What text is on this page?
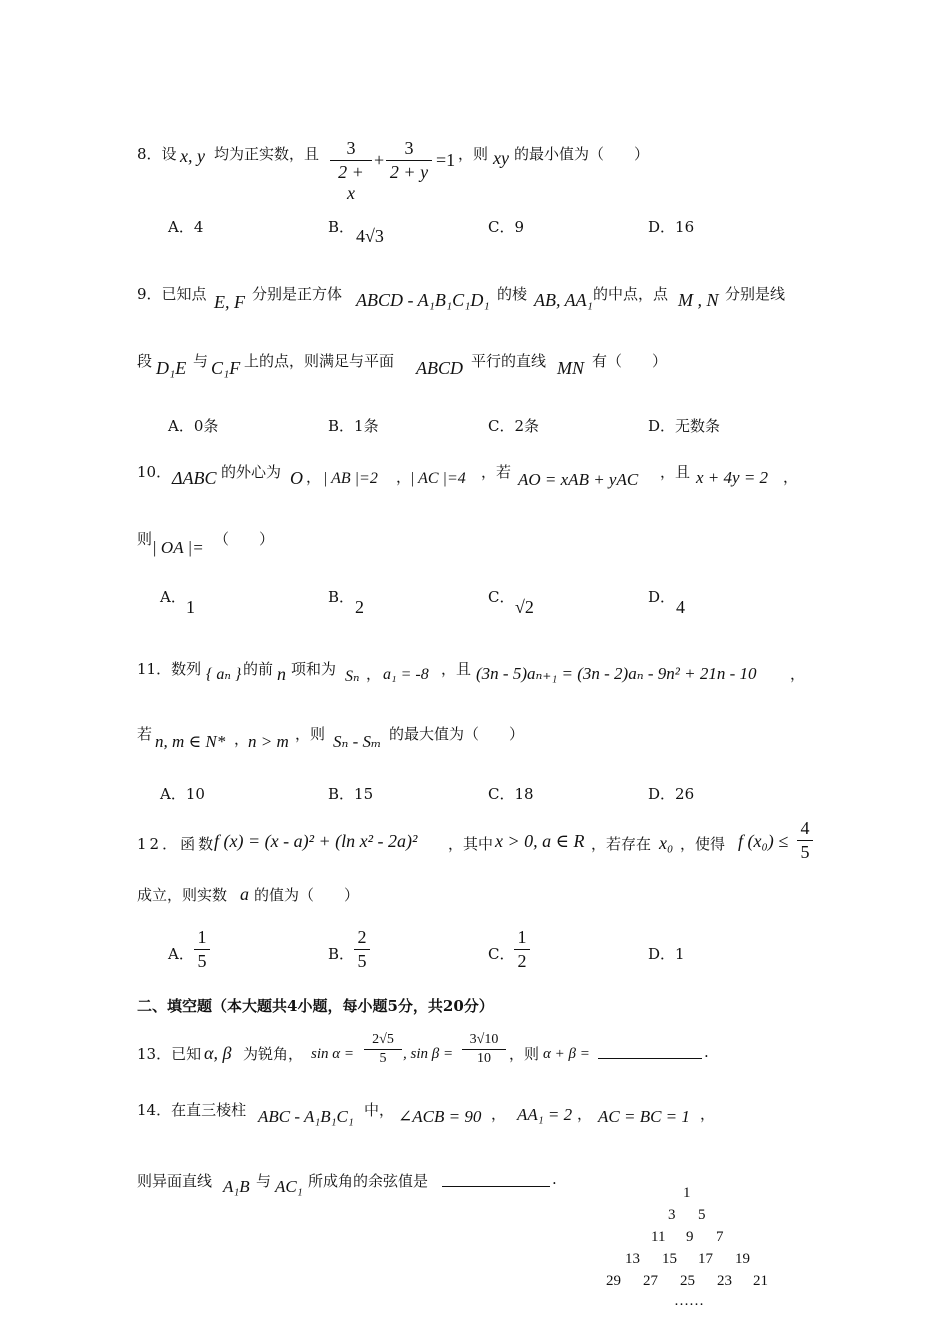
8．设 x, y 均为正实数，且	3
2 + x
+
3
2 + y
=1 ，则 xy 的最小值为（　　）
A．4	B． 4√3	C．9	D．16
9．已知点 E, F 分别是正方体 ABCD - A₁B₁C₁D₁ 的棱 AB, AA₁ 的中点，点 M , N 分别是线
段 D₁E 与 C₁F 上的点，则满足与平面 ABCD 平行的直线 MN 有（　　）
A．0条	B．1条	C．2条	D．无数条
10． ΔABC 的外心为 O ， | AB |=2 ，
| AC |=4 ，若 AO = xAB + yAC ，且 x + 4y = 2 ，
则 | OA |= （　　）
A． 1	B． 2	C． √2	D． 4
11．数列 { aₙ } 的前 n 项和为 Sₙ ， a₁ = -8 ，且 (3n - 5)aₙ₊₁ = (3n - 2)aₙ - 9n² + 21n - 10 ，
若 n, m ∈ N* ，
n > m ，则 Sₙ - Sₘ 的最大值为（　　）
A．10	B．15	C．18	D．26
12．函数
f (x) = (x - a)² + (ln x² - 2a)² ，其中 x > 0, a ∈ R ，若存在 x₀ ，使得 f (x₀) ≤
4
5
成立，则实数 a 的值为（　　）
A．
1
5	B．
2
5	C．
1
2	D．1
二、填空题（本大题共4小题，每小题5分，共20分）
13．已知 α, β 为锐角， sin α =
2√5
5	, sin β =
3√10
10	，则 α + β =	.
14．在直三棱柱 ABC - A₁B₁C₁ 中， ∠ACB = 90 ， AA₁ = 2 ， AC = BC = 1 ，
则异面直线 A₁B 与 AC₁ 所成角的余弦值是	.
1
3 5
11 9 7
13 15 17 19
29 27 25 23 21
……
